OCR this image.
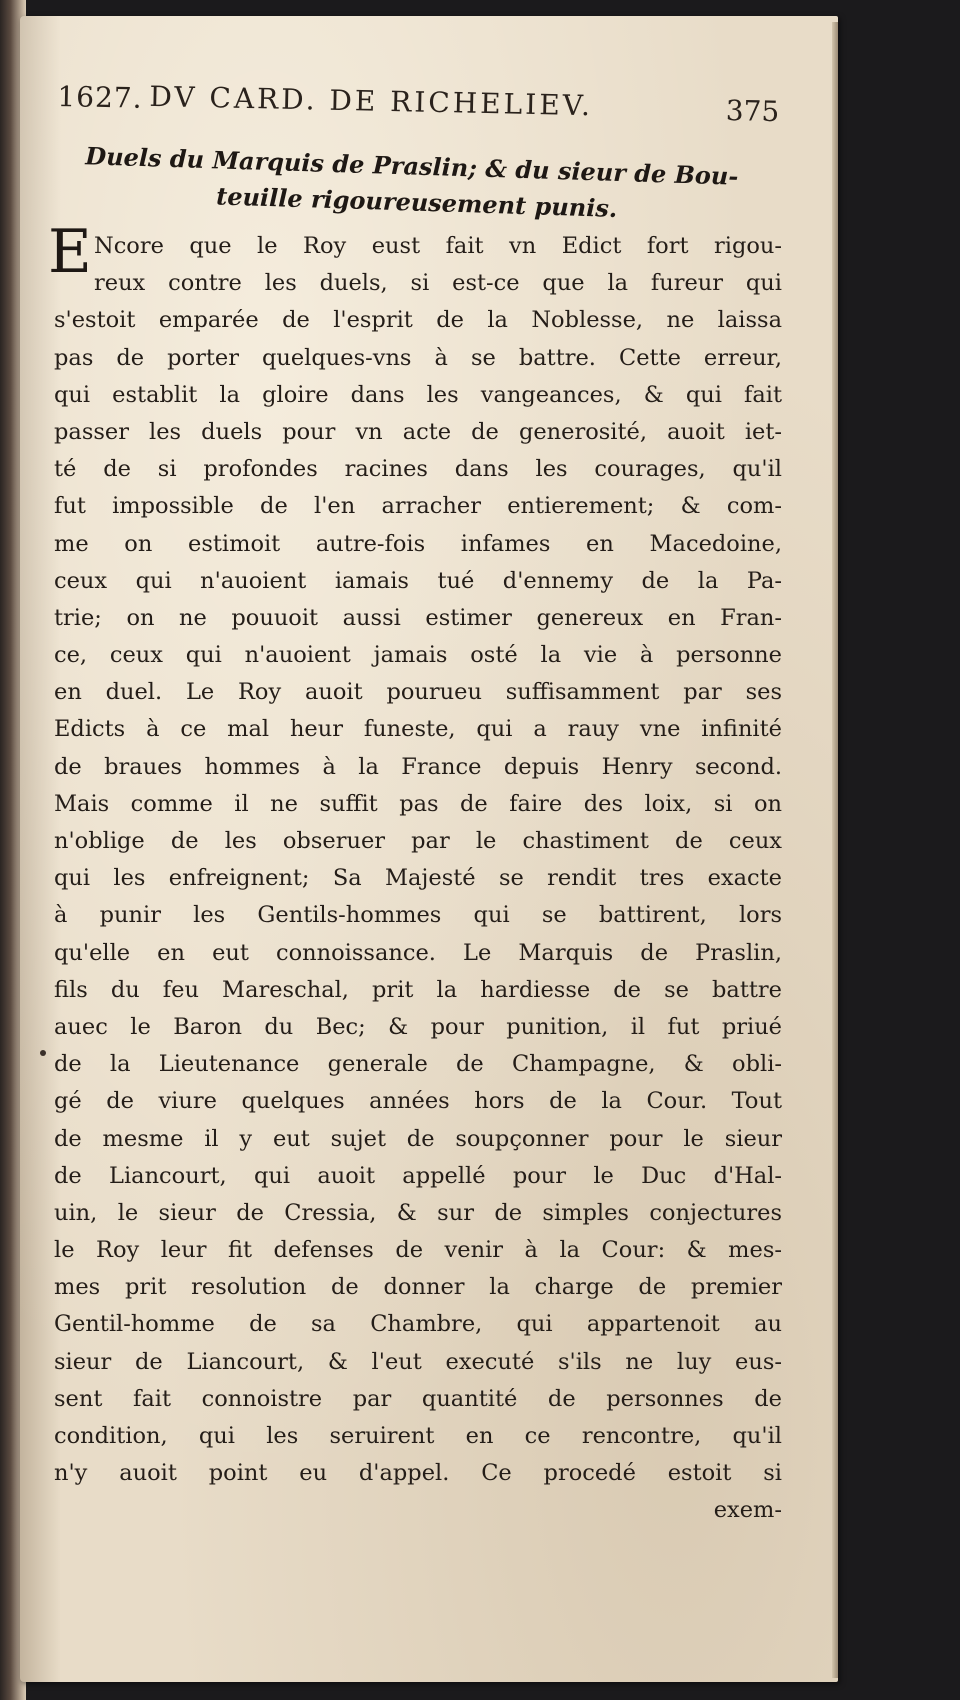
1627. DV CARD. DE RICHELIEV.	375
Duels du Marquis de Praslin; & du sieur de Bou-
teuille rigoureusement punis.
E Ncore que le Roy eust fait vn Edict fort rigou-
reux contre les duels, si est-ce que la fureur qui
s'estoit emparée de l'esprit de la Noblesse, ne laissa
pas de porter quelques-vns à se battre. Cette erreur,
qui establit la gloire dans les vangeances, & qui fait
passer les duels pour vn acte de generosité, auoit iet-
té de si profondes racines dans les courages, qu'il
fut impossible de l'en arracher entierement; & com-
me on estimoit autre-fois infames en Macedoine,
ceux qui n'auoient iamais tué d'ennemy de la Pa-
trie; on ne pouuoit aussi estimer genereux en Fran-
ce, ceux qui n'auoient jamais osté la vie à personne
en duel. Le Roy auoit pourueu suffisamment par ses
Edicts à ce mal heur funeste, qui a rauy vne infinité
de braues hommes à la France depuis Henry second.
Mais comme il ne suffit pas de faire des loix, si on
n'oblige de les obseruer par le chastiment de ceux
qui les enfreignent; Sa Majesté se rendit tres exacte
à punir les Gentils-hommes qui se battirent, lors
qu'elle en eut connoissance. Le Marquis de Praslin,
fils du feu Mareschal, prit la hardiesse de se battre
auec le Baron du Bec; & pour punition, il fut priué
de la Lieutenance generale de Champagne, & obli-
gé de viure quelques années hors de la Cour. Tout
de mesme il y eut sujet de soupçonner pour le sieur
de Liancourt, qui auoit appellé pour le Duc d'Hal-
uin, le sieur de Cressia, & sur de simples conjectures
le Roy leur fit defenses de venir à la Cour: & mes-
mes prit resolution de donner la charge de premier
Gentil-homme de sa Chambre, qui appartenoit au
sieur de Liancourt, & l'eut executé s'ils ne luy eus-
sent fait connoistre par quantité de personnes de
condition, qui les seruirent en ce rencontre, qu'il
n'y auoit point eu d'appel. Ce procedé estoit si
exem-
